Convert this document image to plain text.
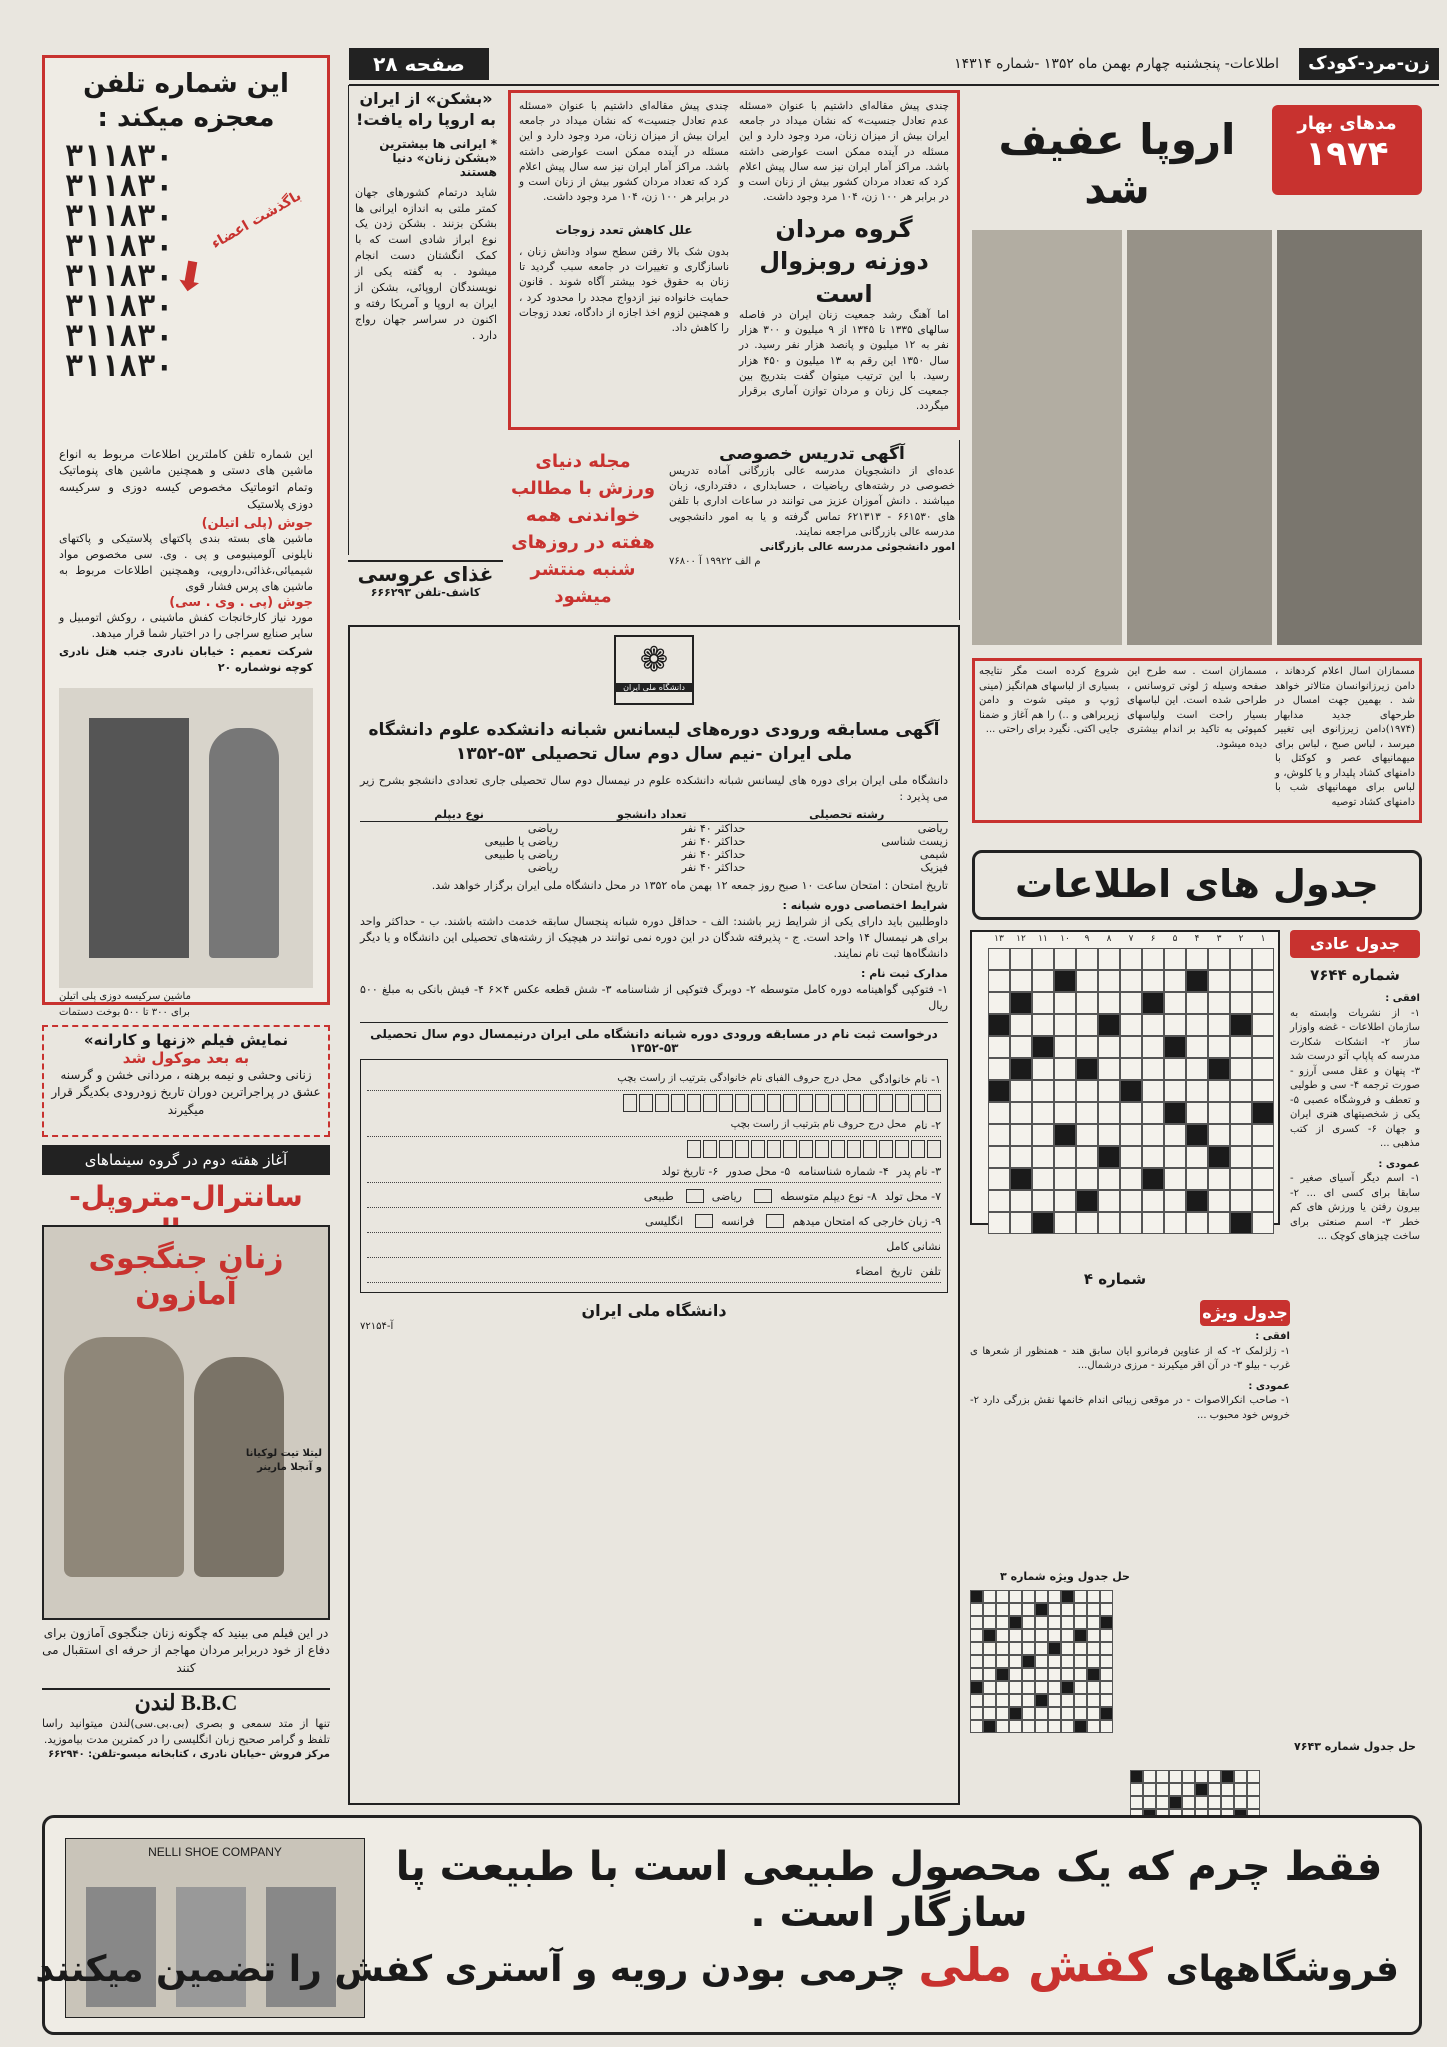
زن-مرد-کودک
اطلاعات- پنجشنبه چهارم بهمن ماه ۱۳۵۲ -شماره ۱۴۳۱۴
صفحه ۲۸
این شماره تلفن معجزه میکند :
۳۱۱۸۳۰
۳۱۱۸۳۰
۳۱۱۸۳۰
۳۱۱۸۳۰
۳۱۱۸۳۰
۳۱۱۸۳۰
۳۱۱۸۳۰
۳۱۱۸۳۰
باگذشت اعضاء
⬋
این شماره تلفن کاملترین اطلاعات مربوط به انواع ماشین های دستی و همچنین ماشین های پنوماتیک وتمام اتوماتیک مخصوص کیسه دوزی و سرکیسه دوزی پلاستیک
جوش (پلی اتیلن)
ماشین های بسته بندی پاکتهای پلاستیکی و پاکتهای نایلونی آلومینیومی و پی . وی. سی مخصوص مواد شیمیائی،غذائی،دارویی، وهمچنین اطلاعات مربوط به ماشین های پرس فشار قوی
جوش (پی . وی . سی)
مورد نیاز کارخانجات کفش ماشینی ، روکش اتومبیل و سایر صنایع سراجی را در اختیار شما قرار میدهد.
شرکت تعمیم : خیابان نادری جنب هتل نادری کوچه نوشماره ۲۰
ماشین سرکیسه دوزی پلی اتیلن
برای ۳۰۰ تا ۵۰۰ بوخت دستمات
نمایش فیلم «زنها و کارانه»
به بعد موکول شد
زنانی وحشی و نیمه برهنه ، مردانی خشن و گرسنه عشق در پراجراترین دوران تاریخ زودرودی بکدیگر قرار میگیرند
آغاز هفته دوم در گروه سینماهای
سانترال-متروپل-
زنان جنگجوی آمازون
لیتلا تیت لوکیانا و آنجلا مارینر
در این فیلم می بینید که چگونه زنان جنگجوی آمازون برای دفاع از خود دربرابر مردان مهاجم از حرفه ای استقبال می کنند
B.B.C لندن
تنها از متد سمعی و بصری (بی.بی.سی)لندن میتوانید راسا تلفظ و گرامر صحیح زبان انگلیسی را در کمترین مدت بیاموزید.
مرکز فروش -خیابان نادری ، کتابخانه میسو-تلفن: ۶۶۲۹۴۰
«بشکن» از ایران به اروپا راه یافت!
* ایرانی ها بیشترین «بشکن زنان» دنیا هستند
شاید درتمام کشورهای جهان کمتر ملتی به اندازه ایرانی ها بشکن بزنند . بشکن زدن یک نوع ابراز شادی است که با کمک انگشتان دست انجام میشود . به گفته یکی از نویسندگان اروپائی، بشکن از ایران به اروپا و آمریکا رفته و اکنون در سراسر جهان رواج دارد .
غذای عروسی
کاشف-تلفن ۶۶۶۲۹۳
چندی پیش مقاله‌ای داشتیم با عنوان «مسئله عدم تعادل جنسیت» که نشان میداد در جامعه ایران بیش از میزان زنان، مرد وجود دارد و این مسئله در آینده ممکن است عوارضی داشته باشد. مراکز آمار ایران نیز سه سال پیش اعلام کرد که تعداد مردان کشور بیش از زنان است و در برابر هر ۱۰۰ زن، ۱۰۴ مرد وجود داشت.
گروه مردان دوزنه روبزوال است
اما آهنگ رشد جمعیت زنان ایران در فاصله سالهای ۱۳۳۵ تا ۱۳۴۵ از ۹ میلیون و ۳۰۰ هزار نفر به ۱۲ میلیون و پانصد هزار نفر رسید. در سال ۱۳۵۰ این رقم به ۱۳ میلیون و ۴۵۰ هزار رسید. با این ترتیب میتوان گفت بتدریج بین جمعیت کل زنان و مردان توازن آماری برقرار میگردد.
چندی پیش مقاله‌ای داشتیم با عنوان «مسئله عدم تعادل جنسیت» که نشان میداد در جامعه ایران بیش از میزان زنان، مرد وجود دارد و این مسئله در آینده ممکن است عوارضی داشته باشد. مراکز آمار ایران نیز سه سال پیش اعلام کرد که تعداد مردان کشور بیش از زنان است و در برابر هر ۱۰۰ زن، ۱۰۴ مرد وجود داشت.
علل کاهش تعدد زوجات
بدون شک بالا رفتن سطح سواد ودانش زنان ، ناسازگاری و تغییرات در جامعه سبب گردید تا زنان به حقوق خود بیشتر آگاه شوند . قانون حمایت خانواده نیز ازدواج مجدد را محدود کرد ، و همچنین لزوم اخذ اجازه از دادگاه، تعدد زوجات را کاهش داد.
مجله دنیای ورزش با مطالب خواندنی همه هفته در روزهای شنبه منتشر میشود
آگهی تدریس خصوصی
عده‌ای از دانشجویان مدرسه عالی بازرگانی آماده تدریس خصوصی در رشته‌های ریاضیات ، حسابداری ، دفترداری، زبان میباشند . دانش آموزان عزیز می توانند در ساعات اداری با تلفن های ۶۶۱۵۳۰ - ۶۲۱۳۱۳ تماس گرفته و یا به امور دانشجویی مدرسه عالی بازرگانی مراجعه نمایند.
امور دانشجوئی مدرسه عالی بازرگانی
م الف ۱۹۹۲۲ آ ۷۶۸۰۰
اروپا عفیف شد
مدهای بهار
۱۹۷۴
مسمازان اسال اعلام کردهاند ، دامن زیرزانوانسان متالاتر خواهد شد . بهمین جهت امسال در طرحهای جدید مدابهار (۱۹۷۴)دامن زیرزانوی ایی تغییر میرسد ، لباس صبح ، لباس برای میهمانیهای عصر و کوکتل با دامنهای کشاد پلیدار و یا کلوش، و لباس برای مهمانیهای شب با دامنهای کشاد توصیه
مسمازان است . سه طرح این صفحه وسیله ژ لوتی تروسانس ، طراحی شده است. این لباسهای بسیار راحت است ولیاسهای کمپوئی به تاکید بر اندام بیشتری دیده میشود.
شروع کرده است مگر نتایجه بسیاری از لباسهای هم‌انگیز (مینی ژوپ و میتی شوت و دامن زیربراهی و ..) را هم آغاز و ضمنا جایی اکتی. نگیرد برای راحتی ...
❁
دانشگاه ملی ایران
آگهی مسابقه ورودی دوره‌های لیسانس شبانه دانشکده علوم دانشگاه ملی ایران -نیم سال دوم سال تحصیلی ۵۳-۱۳۵۲
دانشگاه ملی ایران برای دوره های لیسانس شبانه دانشکده علوم در نیمسال دوم سال تحصیلی جاری تعدادی دانشجو بشرح زیر می پذیرد :
رشته تحصیلی	تعداد دانشجو	نوع دیپلم
ریاضی	حداکثر ۴۰ نفر	ریاضی
زیست شناسی	حداکثر ۴۰ نفر	ریاضی یا طبیعی
شیمی	حداکثر ۴۰ نفر	ریاضی یا طبیعی
فیزیک	حداکثر ۴۰ نفر	ریاضی
تاریخ امتحان : امتحان ساعت ۱۰ صبح روز جمعه ۱۲ بهمن ماه ۱۳۵۲ در محل دانشگاه ملی ایران برگزار خواهد شد.
شرایط اختصاصی دوره شبانه :
داوطلبین باید دارای یکی از شرایط زیر باشند: الف - حداقل دوره شبانه پنجسال سابقه خدمت داشته باشند. ب - حداکثر واحد برای هر نیمسال ۱۴ واحد است. ج - پذیرفته شدگان در این دوره نمی توانند در هیچیک از رشته‌های تحصیلی این دانشگاه و یا دیگر دانشگاه‌ها ثبت نام نمایند.
مدارک ثبت نام :
۱- فتوکپی گواهینامه دوره کامل متوسطه ۲- دوبرگ فتوکپی از شناسنامه ۳- شش قطعه عکس ۴×۶ ۴- فیش بانکی به مبلغ ۵۰۰ ریال
درخواست ثبت نام در مسابقه ورودی دوره شبانه دانشگاه ملی ایران درنیمسال دوم سال تحصیلی ۵۳-۱۳۵۲
۱- نام خانوادگی
محل درج حروف الفبای نام خانوادگی بترتیب از راست بچپ
۲- نام
محل درج حروف نام بترتیب از راست بچپ
۳- نام پدر
۴- شماره شناسنامه
۵- محل صدور
۶- تاریخ تولد
۷- محل تولد
۸- نوع دیپلم متوسطه
ریاضی
طبیعی
۹- زبان خارجی که امتحان میدهم
فرانسه
انگلیسی
نشانی کامل
تلفن
تاریخ
امضاء
دانشگاه ملی ایران
آ-۷۲۱۵۴
جدول های اطلاعات
جدول عادی
شماره ۷۶۴۴
افقی :
۱- از نشریات وابسته به سازمان اطلاعات - غضه واوزار ساز ۲- انشکات شکارت مدرسه که پاپاپ آتو درست شد ۳- پنهان و عقل مسی آرزو - صورت ترجمه ۴- سی و طولیی و تعطف و فروشگاه عصبی ۵- یکی ز شخصیتهای هنری ایران و جهان ۶- کسری از کتب مذهبی ...
عمودی :
۱- اسم دیگر آسیای صغیر - سابقا برای کسی ای ... ۲- بیرون رفتن یا ورزش های کم خطر ۳- اسم صنعتی برای ساخت چیزهای کوچک ...
حل جدول شماره ۷۶۴۳
۱
۲
۳
۴
۵
۶
۷
۸
۹
۱۰
۱۱
۱۲
۱۳
جدول ویژه
شماره ۴
افقی :
۱- زلزلمک ۲- که از عناوین فرمانرو ایان سابق هند - همنظور از شعرها ی غرب - بیلو ۳- در آن اقر میکیرند - مرزی درشمال...
عمودی :
۱- صاحب انکرالاصوات - در موقعی زیبائی اندام خانمها نقش بزرگی دارد ۲- خروس خود محبوب ...
حل جدول ویژه شماره ۳
NELLI SHOE COMPANY	فقط چرم که یک محصول طبیعی است با طبیعت پا سازگار است .
فروشگاههای کفش ملی چرمی بودن رویه و آستری کفش را تضمین میکنند
